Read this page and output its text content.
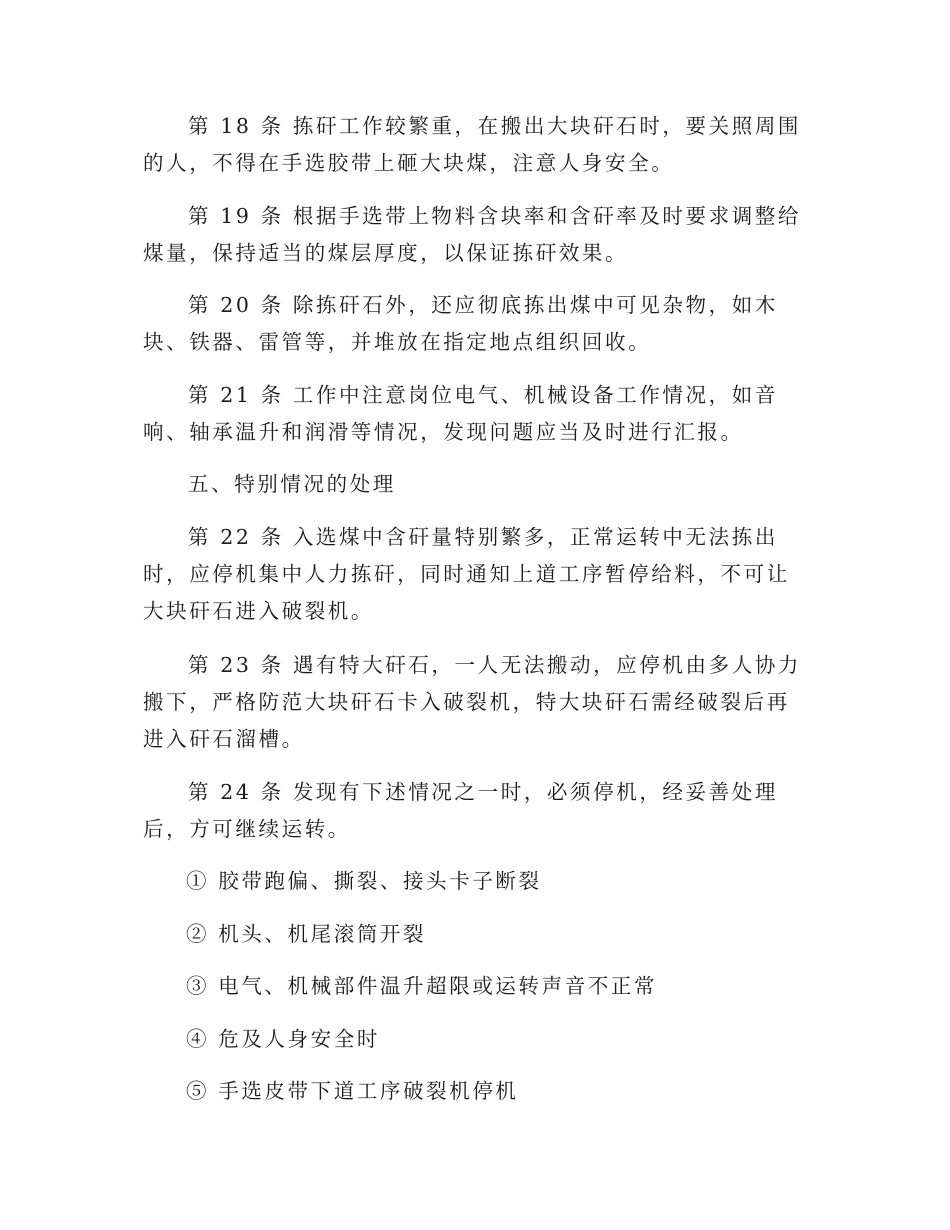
第 18 条 拣矸工作较繁重，在搬出大块矸石时，要关照周围的人，不得在手选胶带上砸大块煤，注意人身安全。

第 19 条 根据手选带上物料含块率和含矸率及时要求调整给煤量，保持适当的煤层厚度，以保证拣矸效果。

第 20 条 除拣矸石外，还应彻底拣出煤中可见杂物，如木块、铁器、雷管等，并堆放在指定地点组织回收。

第 21 条 工作中注意岗位电气、机械设备工作情况，如音响、轴承温升和润滑等情况，发现问题应当及时进行汇报。

五、特别情况的处理

第 22 条 入选煤中含矸量特别繁多，正常运转中无法拣出时，应停机集中人力拣矸，同时通知上道工序暂停给料，不可让大块矸石进入破裂机。

第 23 条 遇有特大矸石，一人无法搬动，应停机由多人协力搬下，严格防范大块矸石卡入破裂机，特大块矸石需经破裂后再进入矸石溜槽。

第 24 条 发现有下述情况之一时，必须停机，经妥善处理后，方可继续运转。

① 胶带跑偏、撕裂、接头卡子断裂

② 机头、机尾滚筒开裂

③ 电气、机械部件温升超限或运转声音不正常

④ 危及人身安全时

⑤ 手选皮带下道工序破裂机停机
